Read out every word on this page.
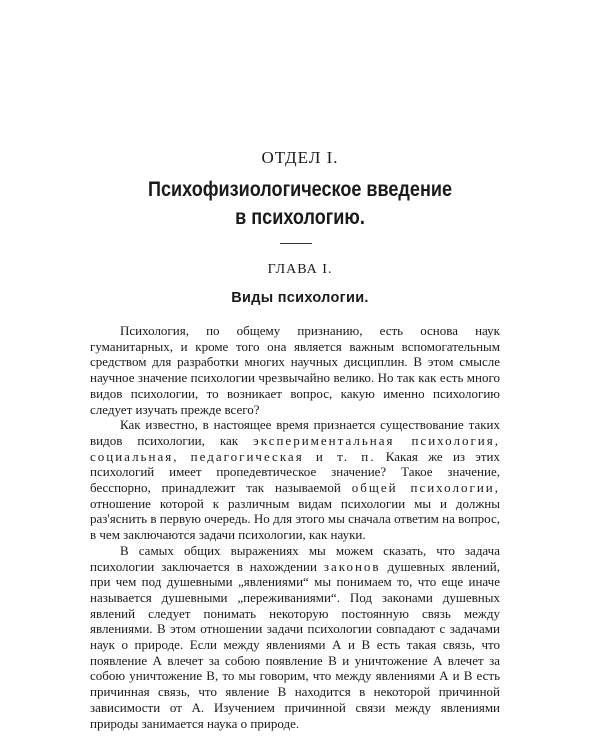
ОТДЕЛ I.
Психофизиологическое введение
в психологию.
ГЛАВА I.
Виды психологии.

Психология, по общему признанию, есть основа наук гуманитарных, и кроме того она является важным вспомогательным средством для разработки многих научных дисциплин. В этом смысле научное значение психологии чрезвычайно велико. Но так как есть много видов психологии, то возникает вопрос, какую именно психологию следует изучать прежде всего?

Как известно, в настоящее время признается существование таких видов психологии, как экспериментальная психология, социальная, педагогическая и т. п. Какая же из этих психологий имеет пропедевтическое значение? Такое значение, бесспорно, принадлежит так называемой общей психологии, отношение которой к различным видам психологии мы и должны раз'яснить в первую очередь. Но для этого мы сначала ответим на вопрос, в чем заключаются задачи психологии, как науки.

В самых общих выражениях мы можем сказать, что задача психологии заключается в нахождении законов душевных явлений, при чем под душевными „явлениями“ мы понимаем то, что еще иначе называется душевными „переживаниями“. Под законами душевных явлений следует понимать некоторую постоянную связь между явлениями. В этом отношении задачи психологии совпадают с задачами наук о природе. Если между явлениями А и В есть такая связь, что появление А влечет за собою появление В и уничтожение А влечет за собою уничтожение В, то мы говорим, что между явлениями А и В есть причинная связь, что явление В находится в некоторой причинной зависимости от А. Изучением причинной связи между явлениями природы занимается наука о природе.
